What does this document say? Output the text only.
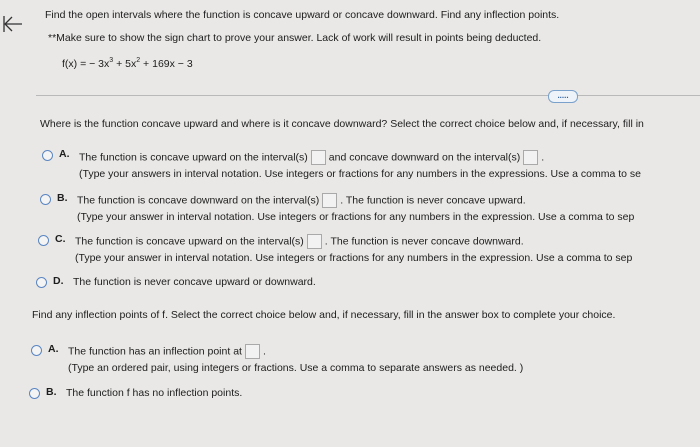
Find the open intervals where the function is concave upward or concave downward. Find any inflection points.
**Make sure to show the sign chart to prove your answer. Lack of work will result in points being deducted.
f(x) = − $3x^3 + 5x^2 + 169x - 3$
.....
Where is the function concave upward and where is it concave downward? Select the correct choice below and, if necessary, fill in
A. The function is concave upward on the interval(s) and concave downward on the interval(s) .
(Type your answers in interval notation. Use integers or fractions for any numbers in the expressions. Use a comma to se
B. The function is concave downward on the interval(s) . The function is never concave upward.
(Type your answer in interval notation. Use integers or fractions for any numbers in the expression. Use a comma to sep
C. The function is concave upward on the interval(s) . The function is never concave downward.
(Type your answer in interval notation. Use integers or fractions for any numbers in the expression. Use a comma to sep
D. The function is never concave upward or downward.
Find any inflection points of f. Select the correct choice below and, if necessary, fill in the answer box to complete your choice.
A. The function has an inflection point at .
(Type an ordered pair, using integers or fractions. Use a comma to separate answers as needed. )
B. The function f has no inflection points.
